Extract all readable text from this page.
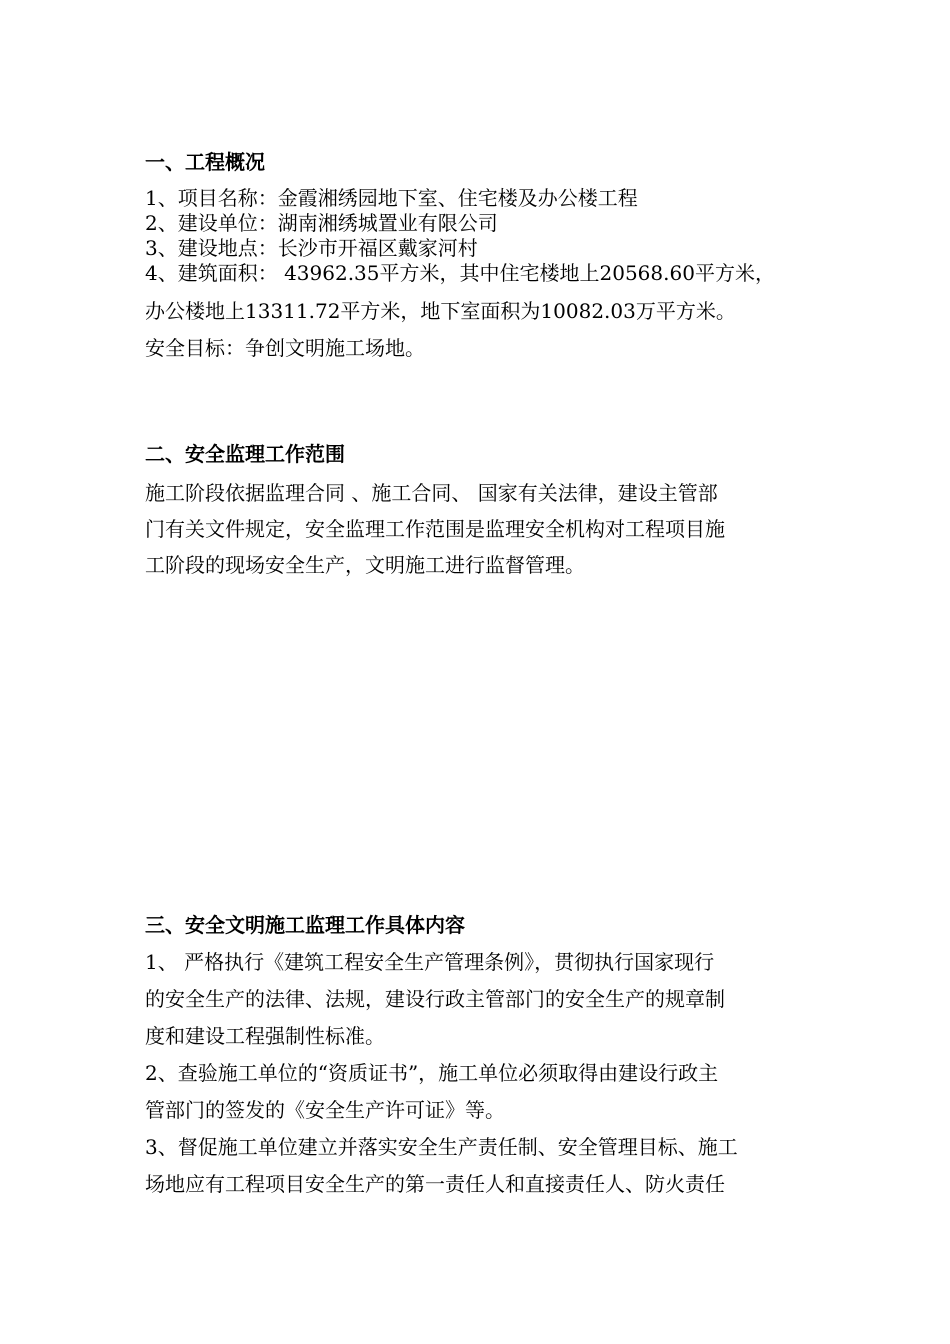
一、工程概况
1、项目名称：金霞湘绣园地下室、住宅楼及办公楼工程
2、建设单位：湖南湘绣城置业有限公司
3、建设地点：长沙市开福区戴家河村
4、建筑面积： 43962.35平方米，其中住宅楼地上20568.60平方米，
办公楼地上13311.72平方米，地下室面积为10082.03万平方米。
安全目标：争创文明施工场地。
二、安全监理工作范围
施工阶段依据监理合同 、施工合同、 国家有关法律，建设主管部
门有关文件规定，安全监理工作范围是监理安全机构对工程项目施
工阶段的现场安全生产，文明施工进行监督管理。
三、安全文明施工监理工作具体内容
1、 严格执行《建筑工程安全生产管理条例》，贯彻执行国家现行
的安全生产的法律、法规，建设行政主管部门的安全生产的规章制
度和建设工程强制性标准。
2、查验施工单位的“资质证书”，施工单位必须取得由建设行政主
管部门的签发的《安全生产许可证》等。
3、督促施工单位建立并落实安全生产责任制、安全管理目标、施工
场地应有工程项目安全生产的第一责任人和直接责任人、防火责任
